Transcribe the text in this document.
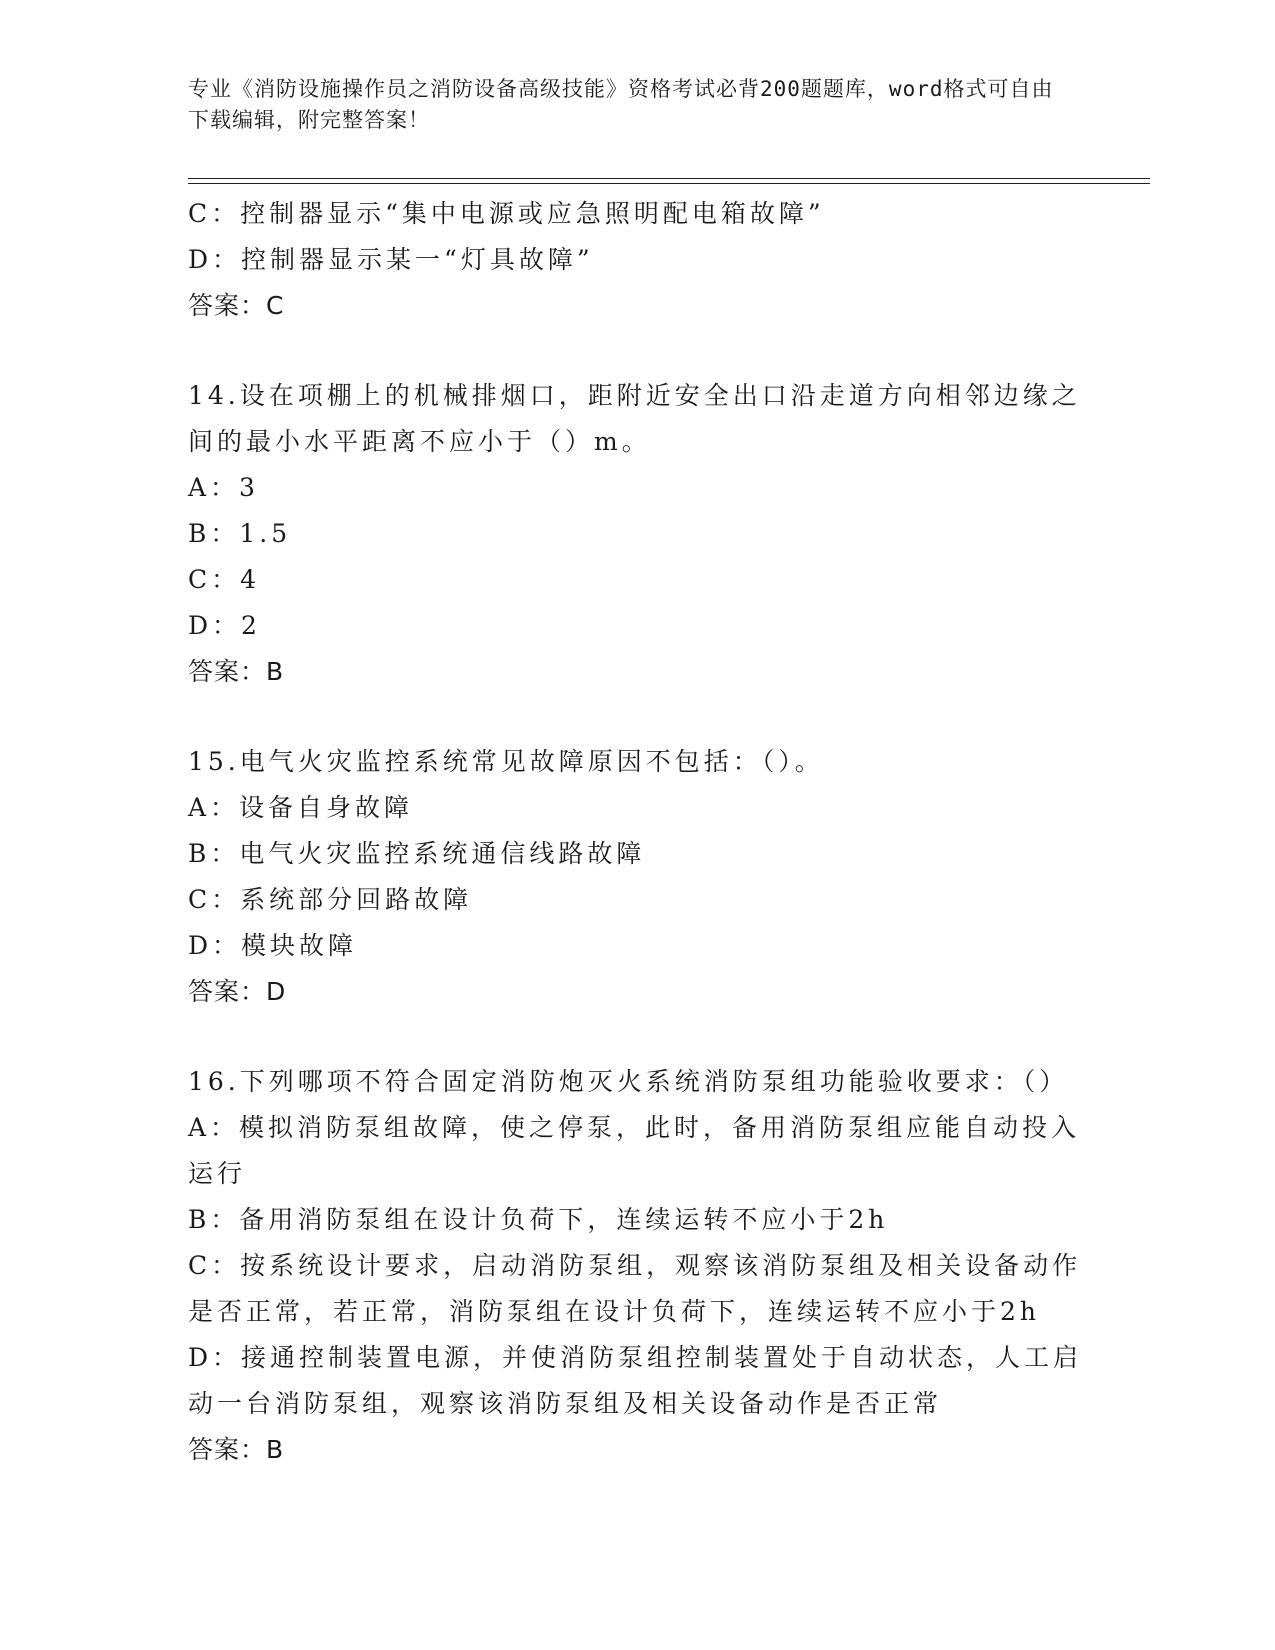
专业《消防设施操作员之消防设备高级技能》资格考试必背200题题库，word格式可自由下载编辑，附完整答案！
C：控制器显示“集中电源或应急照明配电箱故障”
D：控制器显示某一“灯具故障”
答案：C
14.设在项棚上的机械排烟口，距附近安全出口沿走道方向相邻边缘之
间的最小水平距离不应小于（）m。
A：3
B：1.5
C：4
D：2
答案：B
15.电气火灾监控系统常见故障原因不包括：（）。
A：设备自身故障
B：电气火灾监控系统通信线路故障
C：系统部分回路故障
D：模块故障
答案：D
16.下列哪项不符合固定消防炮灭火系统消防泵组功能验收要求：（）
A：模拟消防泵组故障，使之停泵，此时，备用消防泵组应能自动投入
运行
B：备用消防泵组在设计负荷下，连续运转不应小于2h
C：按系统设计要求，启动消防泵组，观察该消防泵组及相关设备动作
是否正常，若正常，消防泵组在设计负荷下，连续运转不应小于2h
D：接通控制装置电源，并使消防泵组控制装置处于自动状态，人工启
动一台消防泵组，观察该消防泵组及相关设备动作是否正常
答案：B
